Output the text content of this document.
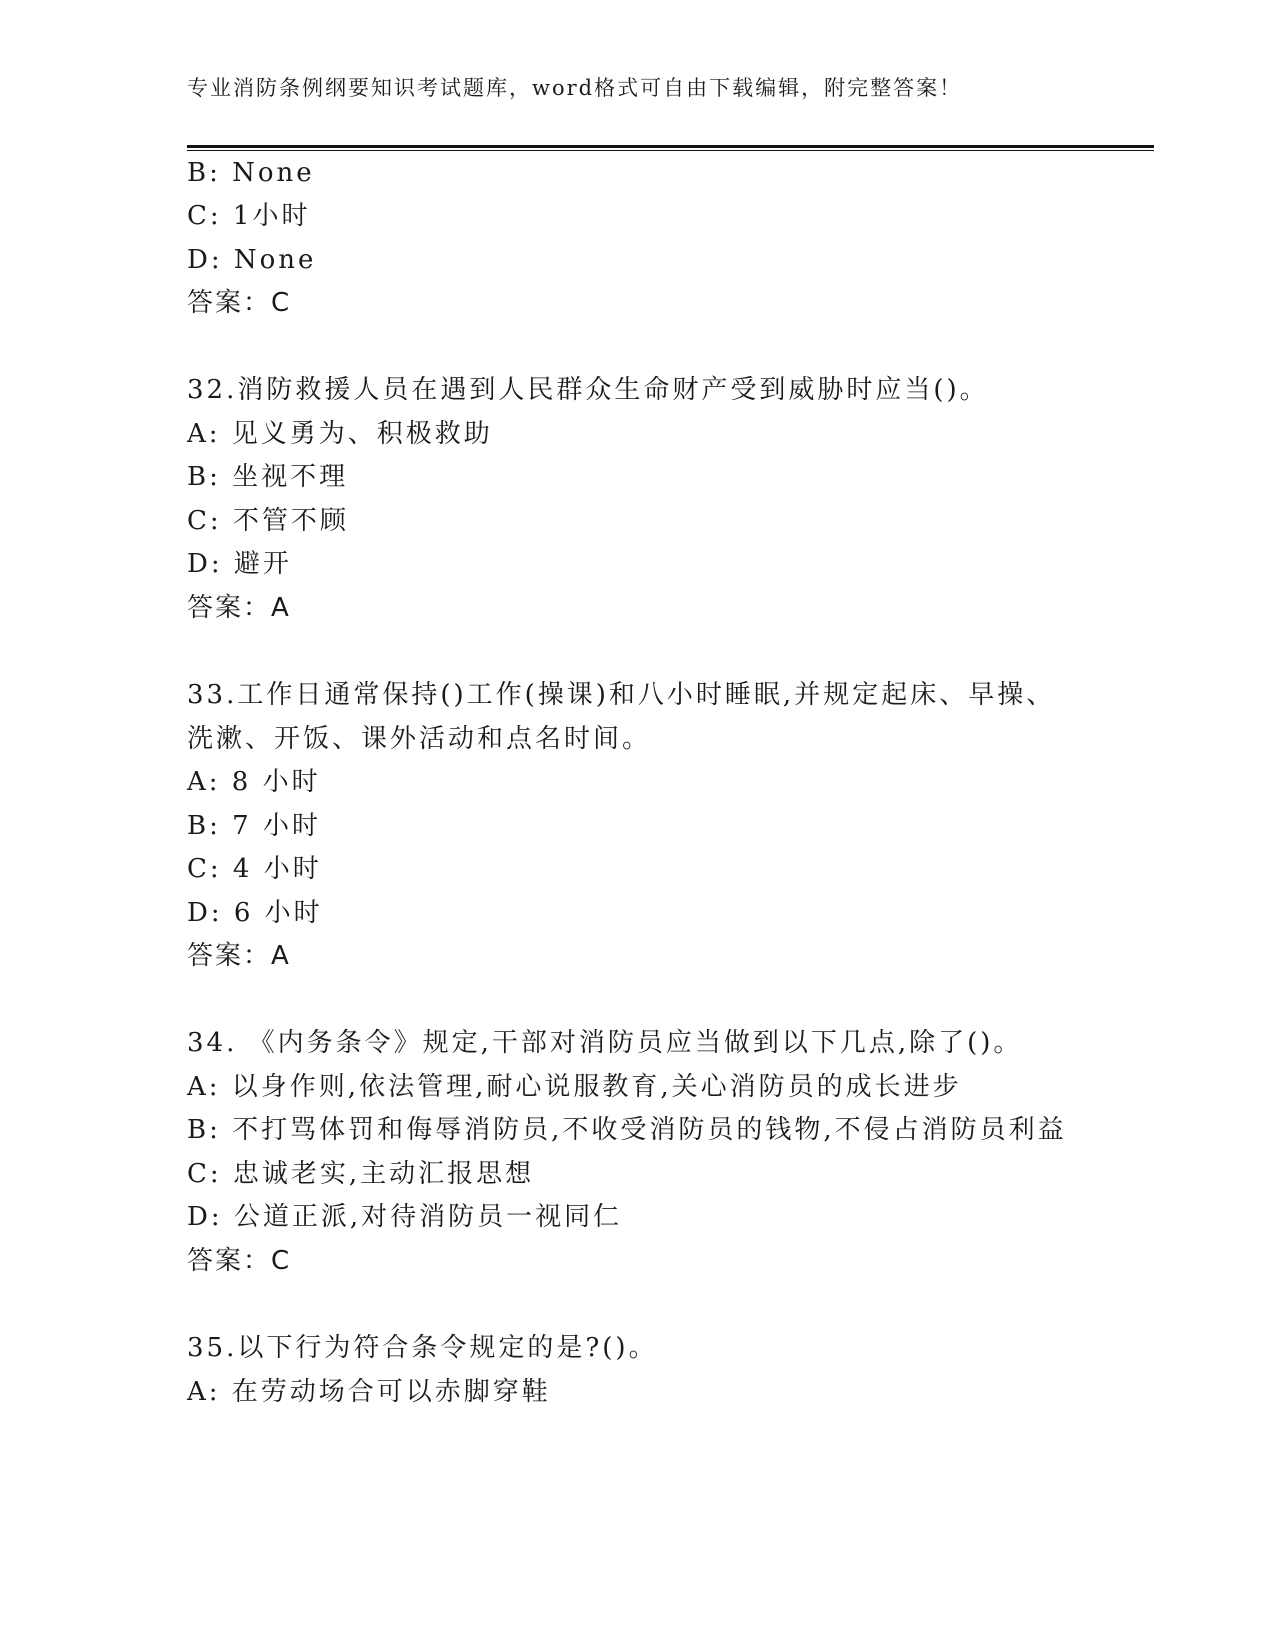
专业消防条例纲要知识考试题库，word格式可自由下载编辑，附完整答案！
B: None
C: 1小时
D: None
答案：C
32.消防救援人员在遇到人民群众生命财产受到威胁时应当()。
A: 见义勇为、积极救助
B: 坐视不理
C: 不管不顾
D: 避开
答案：A
33.工作日通常保持()工作(操课)和八小时睡眠,并规定起床、早操、
洗漱、开饭、课外活动和点名时间。
A: 8 小时
B: 7 小时
C: 4 小时
D: 6 小时
答案：A
34. 《内务条令》规定,干部对消防员应当做到以下几点,除了()。
A: 以身作则,依法管理,耐心说服教育,关心消防员的成长进步
B: 不打骂体罚和侮辱消防员,不收受消防员的钱物,不侵占消防员利益
C: 忠诚老实,主动汇报思想
D: 公道正派,对待消防员一视同仁
答案：C
35.以下行为符合条令规定的是?()。
A: 在劳动场合可以赤脚穿鞋
